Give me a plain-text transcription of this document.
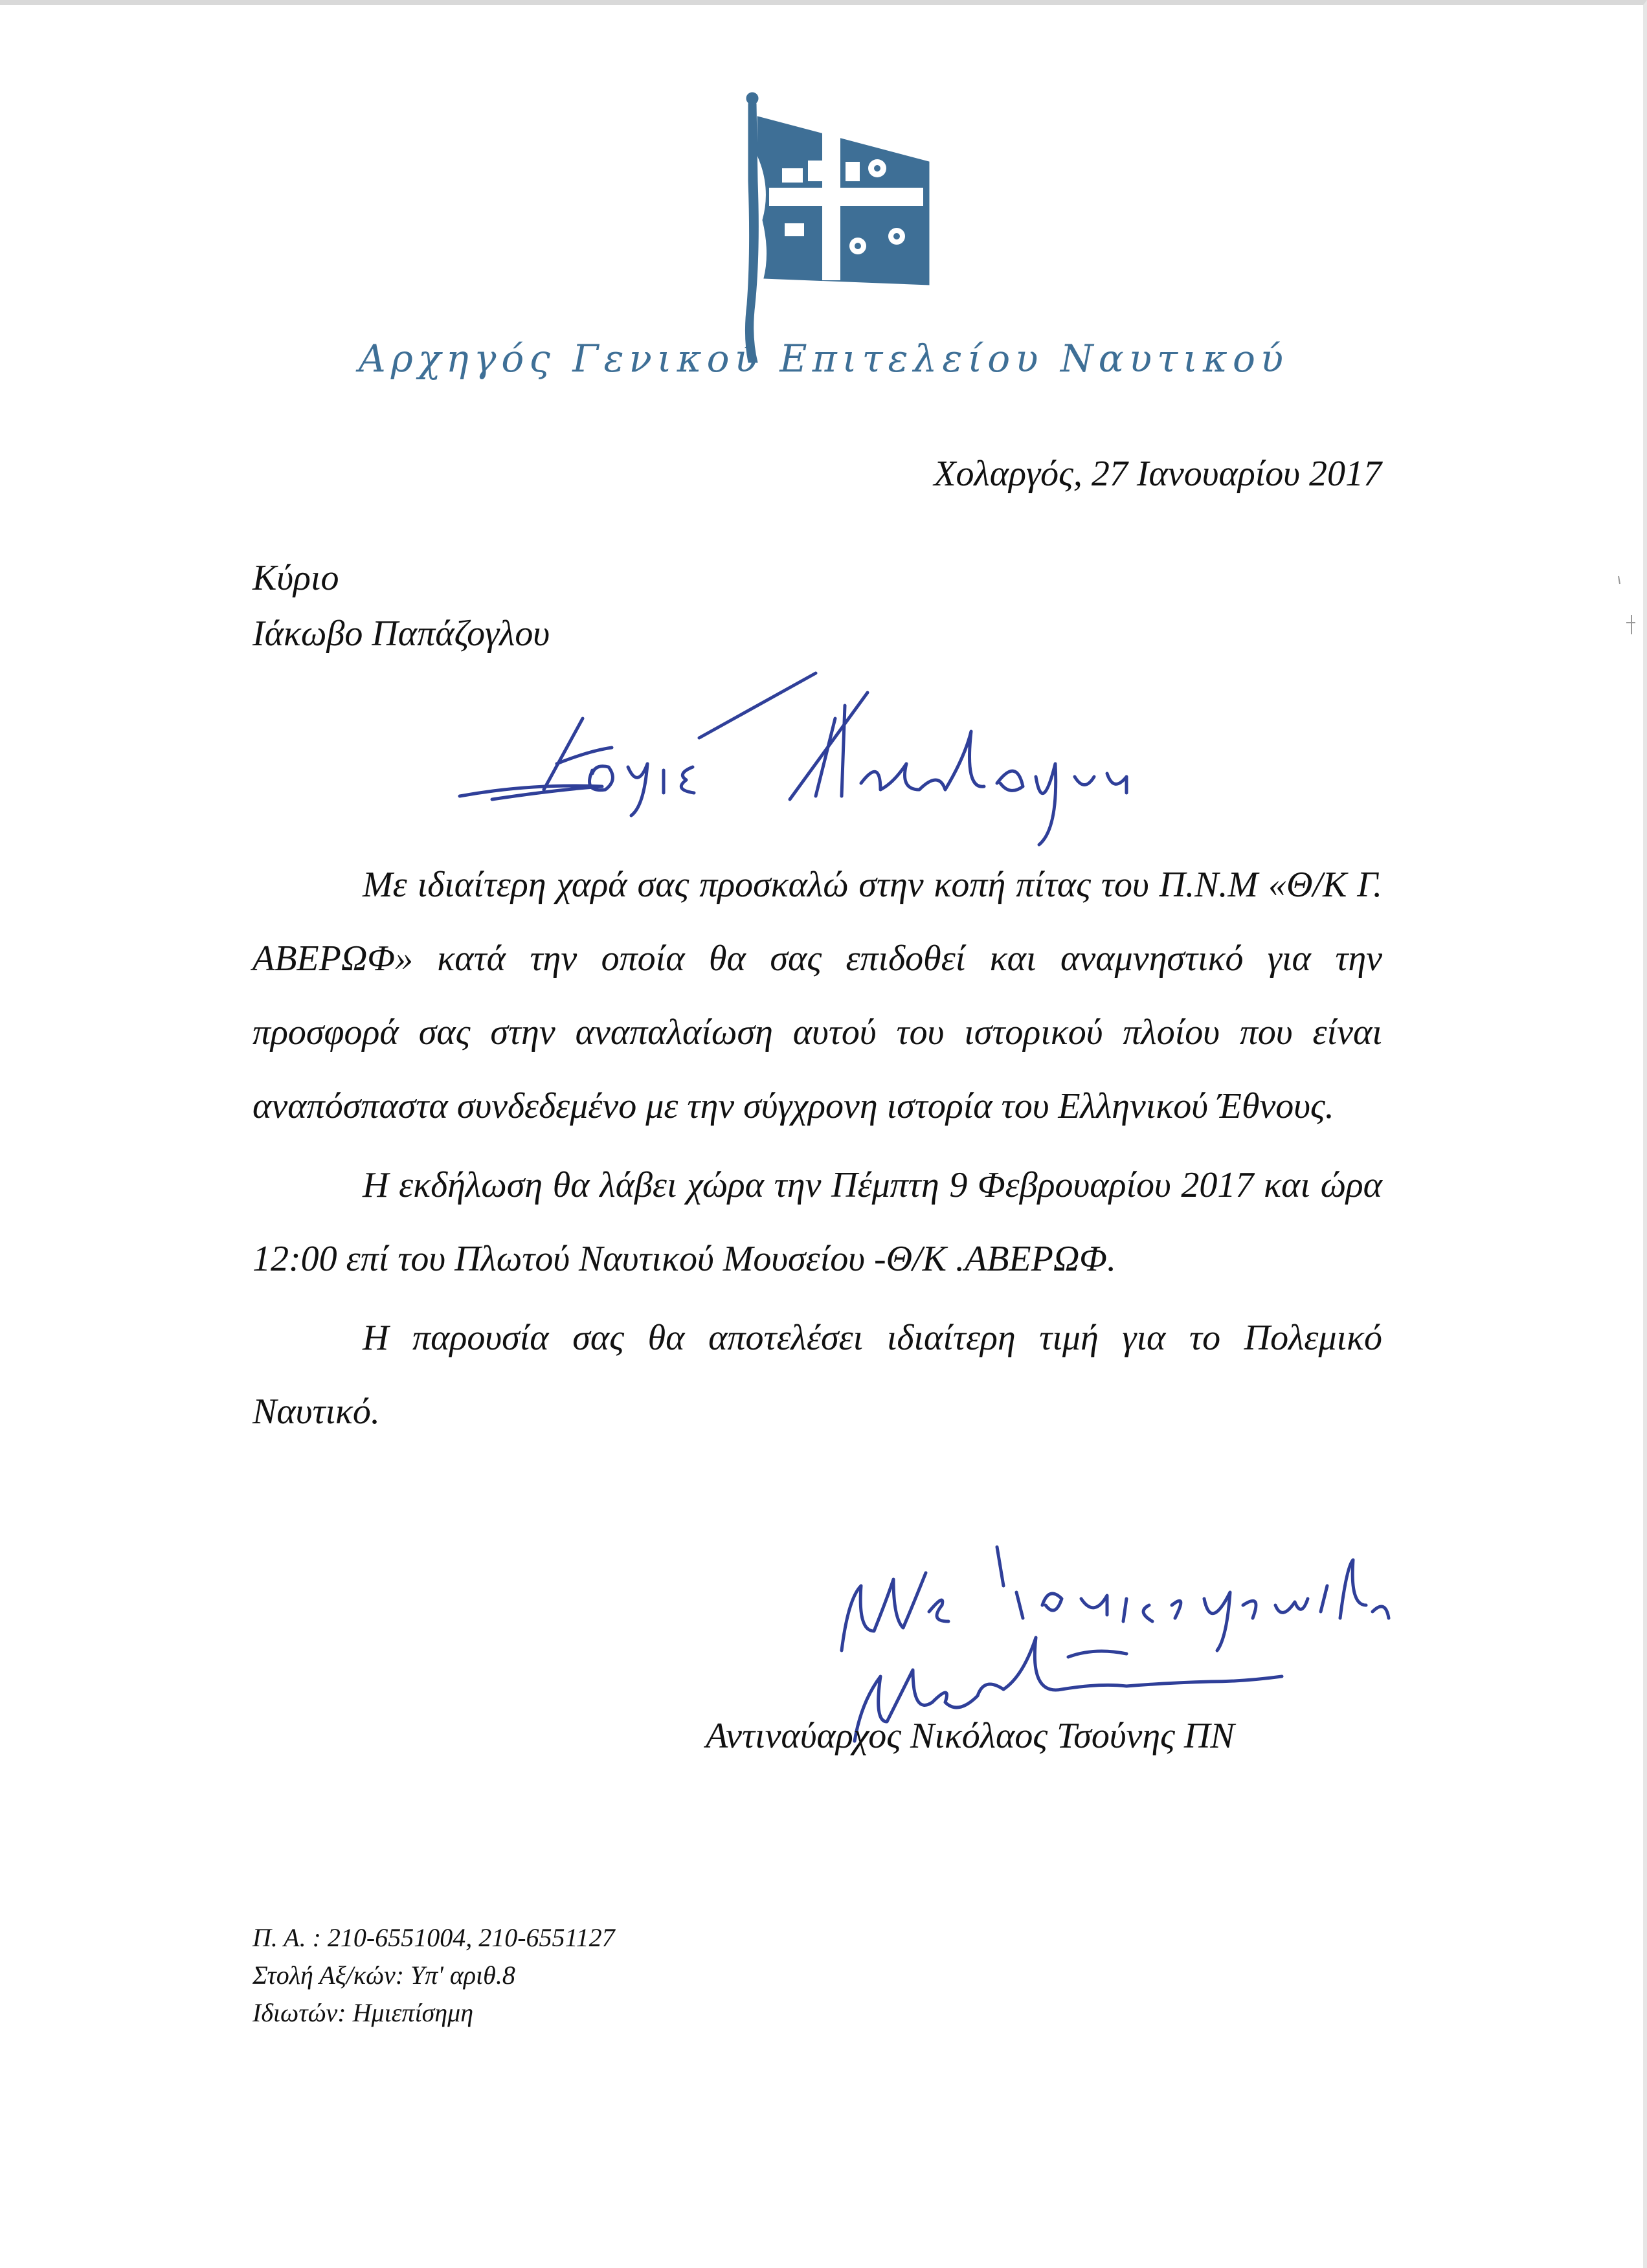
Αρχηγός Γενικού Επιτελείου Ναυτικού
Χολαργός, 27 Ιανουαρίου 2017
Κύριο
Ιάκωβο Παπάζογλου

Με ιδιαίτερη χαρά σας προσκαλώ στην κοπή πίτας του Π.Ν.Μ «Θ/Κ Γ. ΑΒΕΡΩΦ» κατά την οποία θα σας επιδοθεί και αναμνηστικό για την προσφορά σας στην αναπαλαίωση αυτού του ιστορικού πλοίου που είναι αναπόσπαστα συνδεδεμένο με την σύγχρονη ιστορία του Ελληνικού Έθνους.

Η εκδήλωση θα λάβει χώρα την Πέμπτη 9 Φεβρουαρίου 2017 και ώρα 12:00 επί του Πλωτού Ναυτικού Μουσείου -Θ/Κ .ΑΒΕΡΩΦ.

Η παρουσία σας θα αποτελέσει ιδιαίτερη τιμή για το Πολεμικό Ναυτικό.

Αντιναύαρχος Νικόλαος Τσούνης ΠΝ
Π. Α. : 210-6551004, 210-6551127
Στολή Αξ/κών: Υπ' αριθ.8
Ιδιωτών: Ημιεπίσημη
